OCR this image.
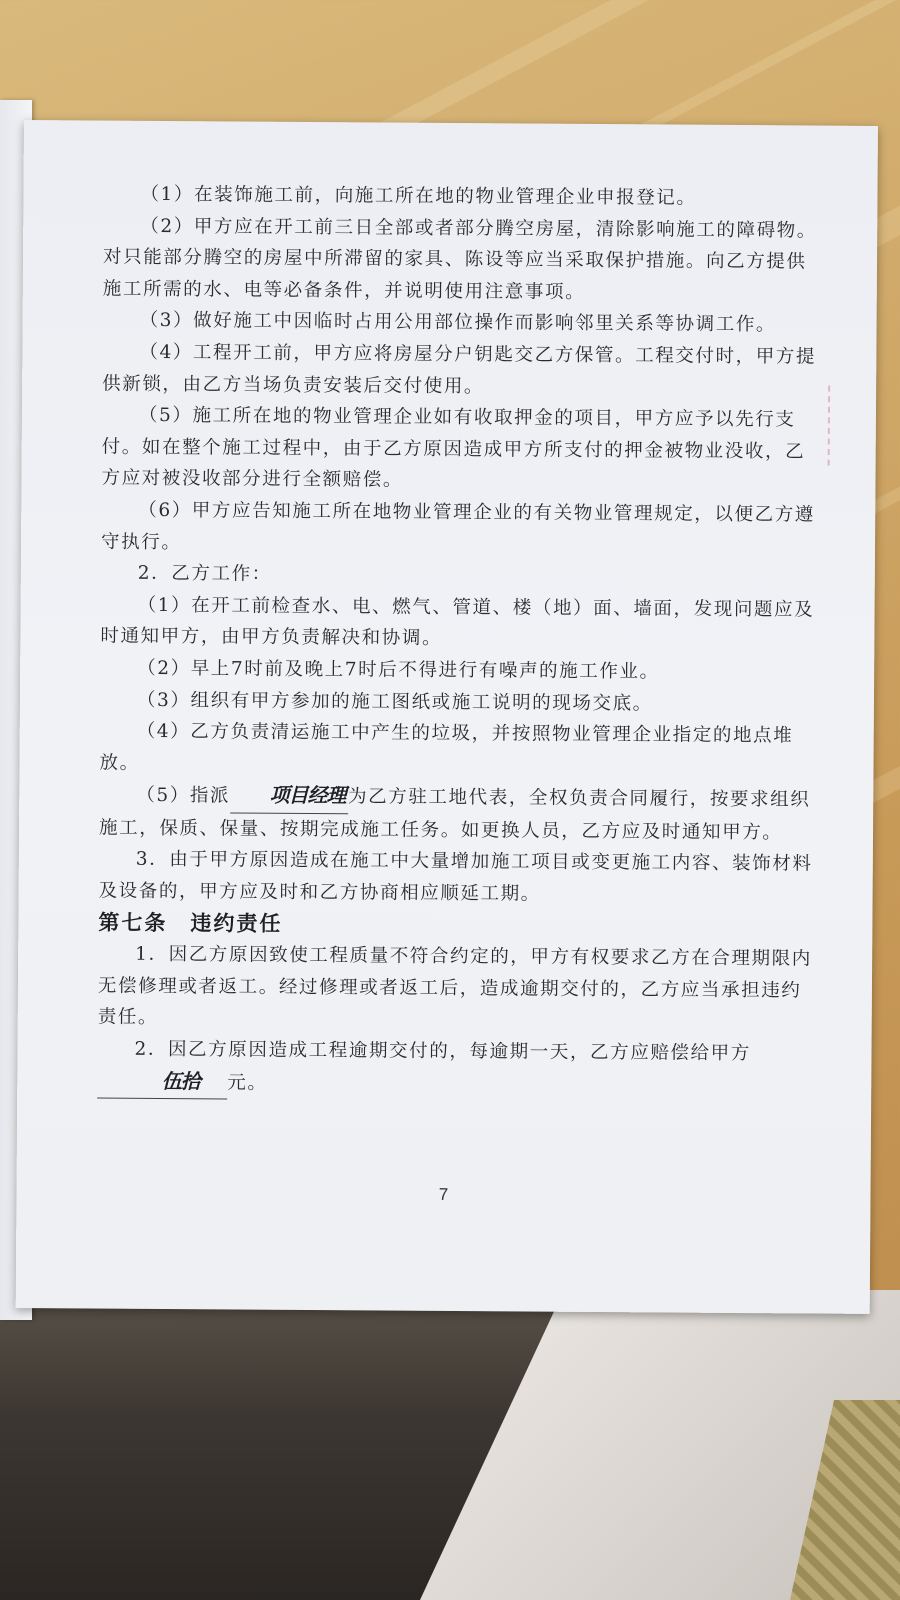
（1）在装饰施工前，向施工所在地的物业管理企业申报登记。

（2）甲方应在开工前三日全部或者部分腾空房屋，清除影响施工的障碍物。对只能部分腾空的房屋中所滞留的家具、陈设等应当采取保护措施。向乙方提供施工所需的水、电等必备条件，并说明使用注意事项。

（3）做好施工中因临时占用公用部位操作而影响邻里关系等协调工作。

（4）工程开工前，甲方应将房屋分户钥匙交乙方保管。工程交付时，甲方提供新锁，由乙方当场负责安装后交付使用。

（5）施工所在地的物业管理企业如有收取押金的项目，甲方应予以先行支付。如在整个施工过程中，由于乙方原因造成甲方所支付的押金被物业没收，乙方应对被没收部分进行全额赔偿。

（6）甲方应告知施工所在地物业管理企业的有关物业管理规定，以便乙方遵守执行。

2．乙方工作：

（1）在开工前检查水、电、燃气、管道、楼（地）面、墙面，发现问题应及时通知甲方，由甲方负责解决和协调。

（2）早上7时前及晚上7时后不得进行有噪声的施工作业。

（3）组织有甲方参加的施工图纸或施工说明的现场交底。

（4）乙方负责清运施工中产生的垃圾，并按照物业管理企业指定的地点堆放。

（5）指派 项目经理 为乙方驻工地代表，全权负责合同履行，按要求组织施工，保质、保量、按期完成施工任务。如更换人员，乙方应及时通知甲方。

3．由于甲方原因造成在施工中大量增加施工项目或变更施工内容、装饰材料及设备的，甲方应及时和乙方协商相应顺延工期。

第七条　违约责任

1．因乙方原因致使工程质量不符合约定的，甲方有权要求乙方在合理期限内无偿修理或者返工。经过修理或者返工后，造成逾期交付的，乙方应当承担违约责任。

2．因乙方原因造成工程逾期交付的，每逾期一天，乙方应赔偿给甲方伍拾 元。

7
